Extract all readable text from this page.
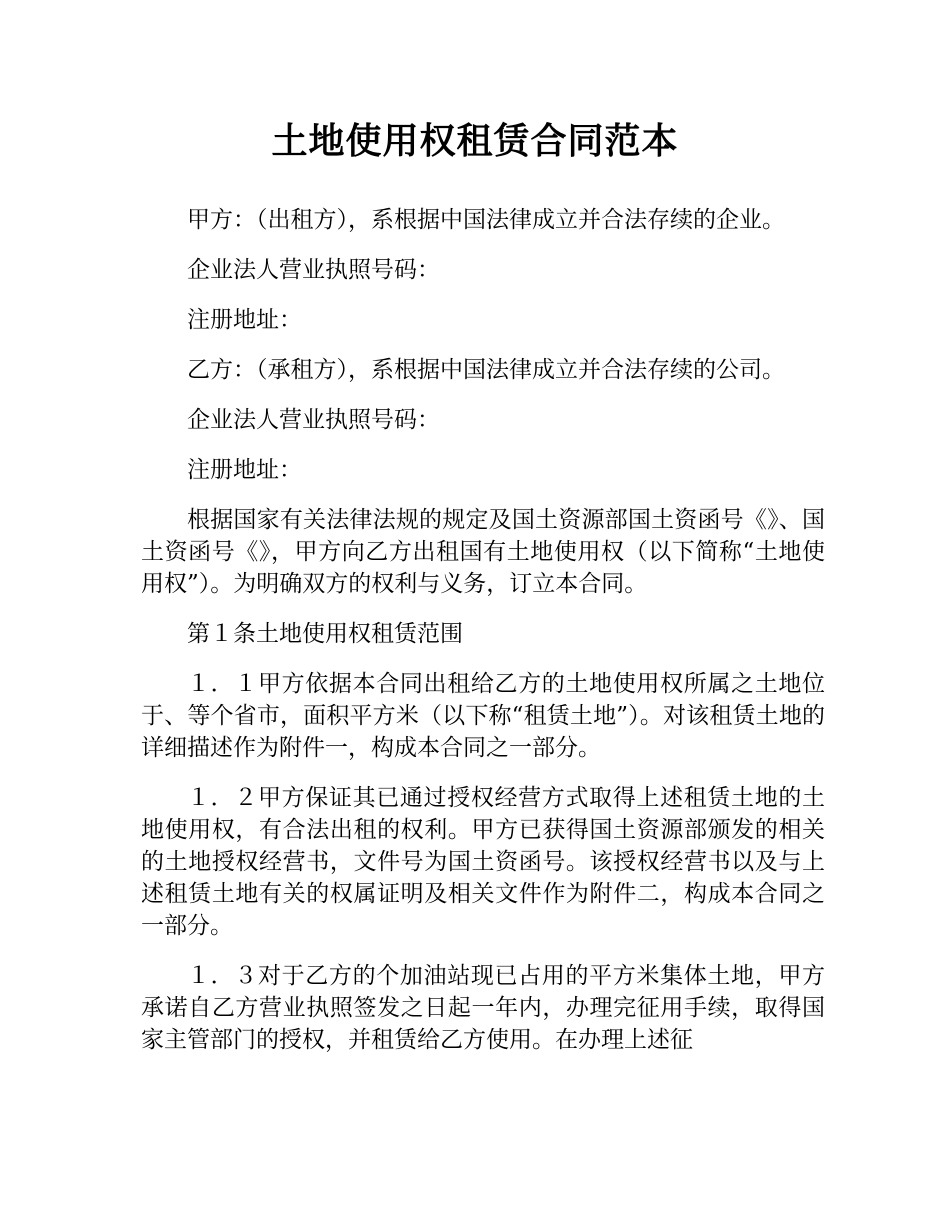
土地使用权租赁合同范本

甲方：（出租方），系根据中国法律成立并合法存续的企业。

企业法人营业执照号码：

注册地址：

乙方：（承租方），系根据中国法律成立并合法存续的公司。

企业法人营业执照号码：

注册地址：

根据国家有关法律法规的规定及国土资源部国土资函号《》、国土资函号《》，甲方向乙方出租国有土地使用权（以下简称“土地使用权”）。为明确双方的权利与义务，订立本合同。

第１条土地使用权租赁范围

１．１甲方依据本合同出租给乙方的土地使用权所属之土地位于、等个省市，面积平方米（以下称“租赁土地”）。对该租赁土地的详细描述作为附件一，构成本合同之一部分。

１．２甲方保证其已通过授权经营方式取得上述租赁土地的土地使用权，有合法出租的权利。甲方已获得国土资源部颁发的相关的土地授权经营书，文件号为国土资函号。该授权经营书以及与上述租赁土地有关的权属证明及相关文件作为附件二，构成本合同之一部分。

１．３对于乙方的个加油站现已占用的平方米集体土地，甲方承诺自乙方营业执照签发之日起一年内，办理完征用手续，取得国家主管部门的授权，并租赁给乙方使用。在办理上述征
